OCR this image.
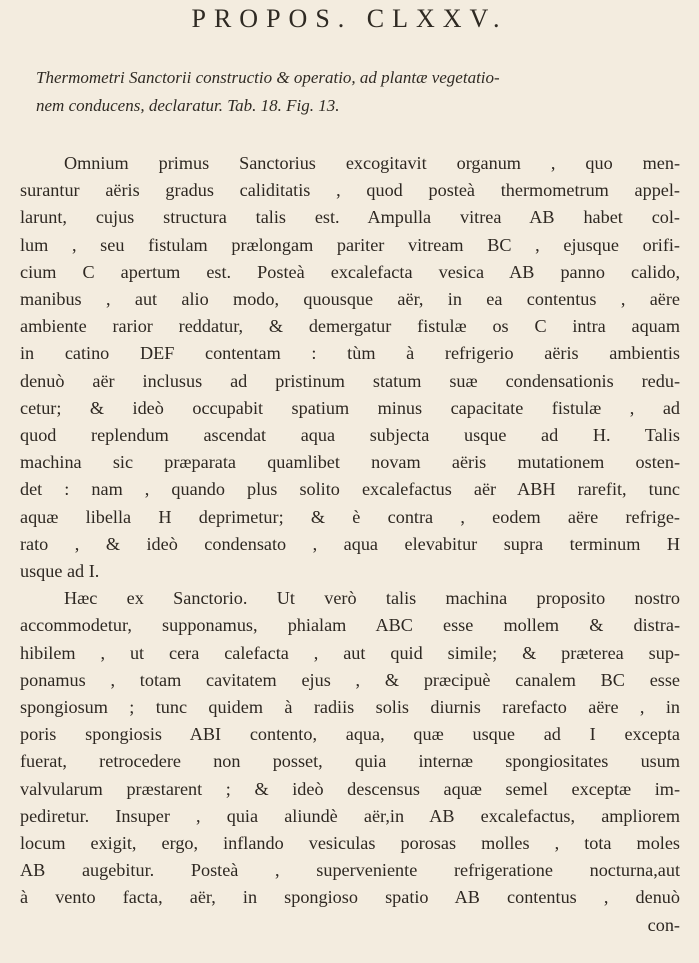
PROPOS. CLXXV.
Thermometri Sanctorii constructio & operatio, ad plantæ vegetatio-
nem conducens, declaratur. Tab. 18. Fig. 13.
Omnium primus Sanctorius excogitavit organum , quo men-
surantur aëris gradus caliditatis , quod posteà thermometrum appel-
larunt, cujus structura talis est. Ampulla vitrea AB habet col-
lum , seu fistulam prælongam pariter vitream BC , ejusque orifi-
cium C apertum est. Posteà excalefacta vesica AB panno calido,
manibus , aut alio modo, quousque aër, in ea contentus , aëre
ambiente rarior reddatur, & demergatur fistulæ os C intra aquam
in catino DEF contentam : tùm à refrigerio aëris ambientis
denuò aër inclusus ad pristinum statum suæ condensationis redu-
cetur; & ideò occupabit spatium minus capacitate fistulæ , ad
quod replendum ascendat aqua subjecta usque ad H. Talis
machina sic præparata quamlibet novam aëris mutationem osten-
det : nam , quando plus solito excalefactus aër ABH rarefit, tunc
aquæ libella H deprimetur; & è contra , eodem aëre refrige-
rato , & ideò condensato , aqua elevabitur supra terminum H
usque ad I.
Hæc ex Sanctorio. Ut verò talis machina proposito nostro
accommodetur, supponamus, phialam ABC esse mollem & distra-
hibilem , ut cera calefacta , aut quid simile; & præterea sup-
ponamus , totam cavitatem ejus , & præcipuè canalem BC esse
spongiosum ; tunc quidem à radiis solis diurnis rarefacto aëre , in
poris spongiosis ABI contento, aqua, quæ usque ad I excepta
fuerat, retrocedere non posset, quia internæ spongiositates usum
valvularum præstarent ; & ideò descensus aquæ semel exceptæ im-
pediretur. Insuper , quia aliundè aër,in AB excalefactus, ampliorem
locum exigit, ergo, inflando vesiculas porosas molles , tota moles
AB augebitur. Posteà , superveniente refrigeratione nocturna,aut
à vento facta, aër, in spongioso spatio AB contentus , denuò
con-
